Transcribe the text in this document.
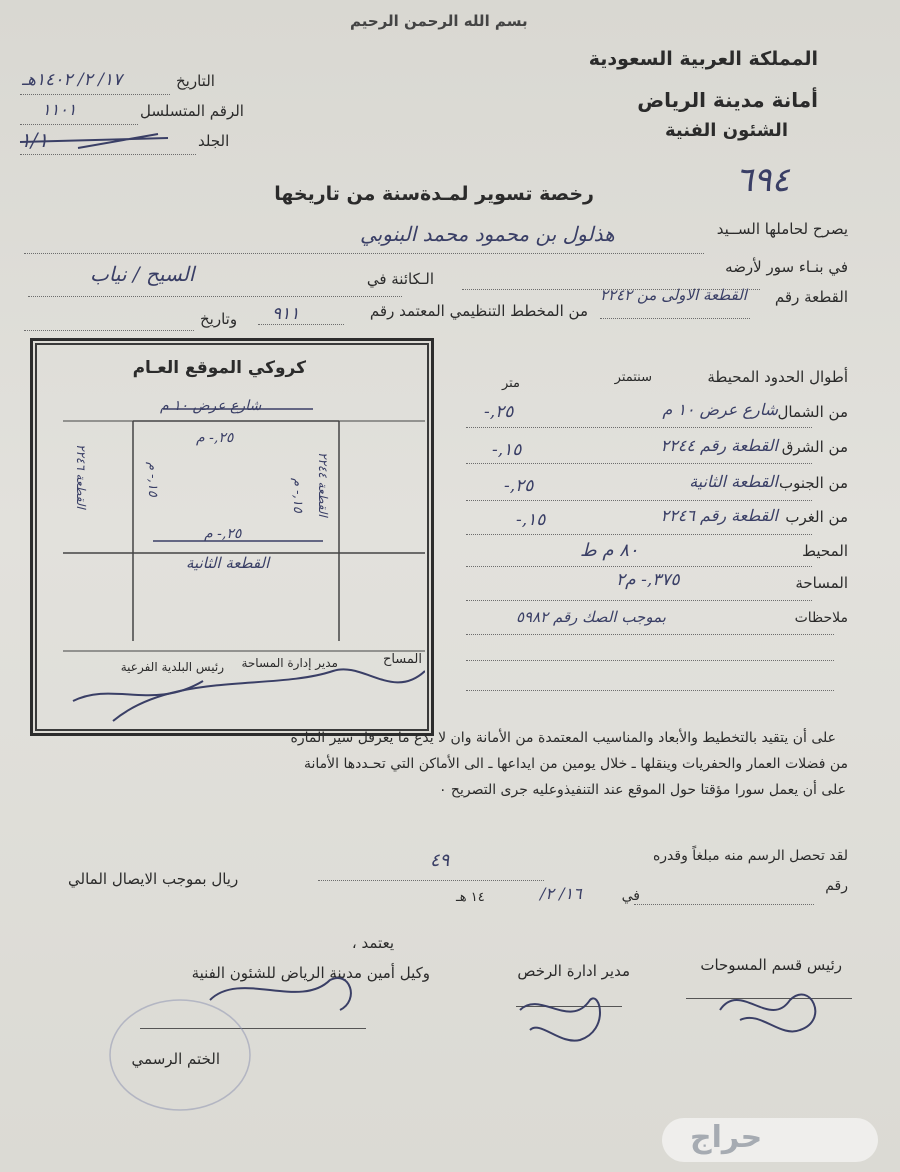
بسم الله الرحمن الرحيم
المملكة العربية السعودية
أمانة مدينة الرياض
الشئون الفنية
التاريخ
١٧/ ٢/ ١٤٠٢هـ
الرقم المتسلسل
١١٠١
الجلد
١/١
٦٩٤
رخصة تسوير لمـدةسنة من تاريخها
يصرح لحاملها الســيد
هذلول بن محمود محمد البنوبي
في بنـاء سور لأرضه
الـكائنة في
السيح / نياب
القطعة رقم
القطعة الاولى من ٢٢٤٢
من المخطط التنظيمي المعتمد رقم
٩١١
وتاريخ
أطوال الحدود المحيطة
سنتمتر
متر
من الشمال
شارع عرض ١٠ م
٢٥,-
من الشرق
القطعة رقم ٢٢٤٤
١٥,-
من الجنوب
القطعة الثانية
٢٥,-
من الغرب
القطعة رقم ٢٢٤٦
١٥,-
المحيط
٨٠ م ط
المساحة
٣٧٥,- م٢
ملاحظات
بموجب الصك رقم ٥٩٨٢
كروكي الموقع العـام
شارع عرض ١٠ م
٢٥,- م
٢٥,- م
القطعة الثانية
القطعة ٢٢٤٤
١٥,- م
القطعة ٢٢٤٦	١٥,- م
المساح
مدير إدارة المساحة
رئيس البلدية الفرعية
على أن يتقيد بالتخطيط والأبعاد والمناسيب المعتمدة من الأمانة وان لا يدع ما يعرقل سير المارة
من فضلات العمار والحفريات وينقلها ـ خلال يومين من ايداعها ـ الى الأماكن التي تحـددها الأمانة
على أن يعمل سورا مؤقتا حول الموقع عند التنفيذوعليه جرى التصريح ٠
لقد تحصل الرسم منه مبلغاً وقدره
٤٩
ريال بموجب الايصال المالي	رقم
في
١٦/ ٢/
١٤ هـ
يعتمد ،
رئيس قسم المسوحات
مدير ادارة الرخص
وكيل أمين مدينة الرياض للشئون الفنية
الختم الرسمي
حراج
